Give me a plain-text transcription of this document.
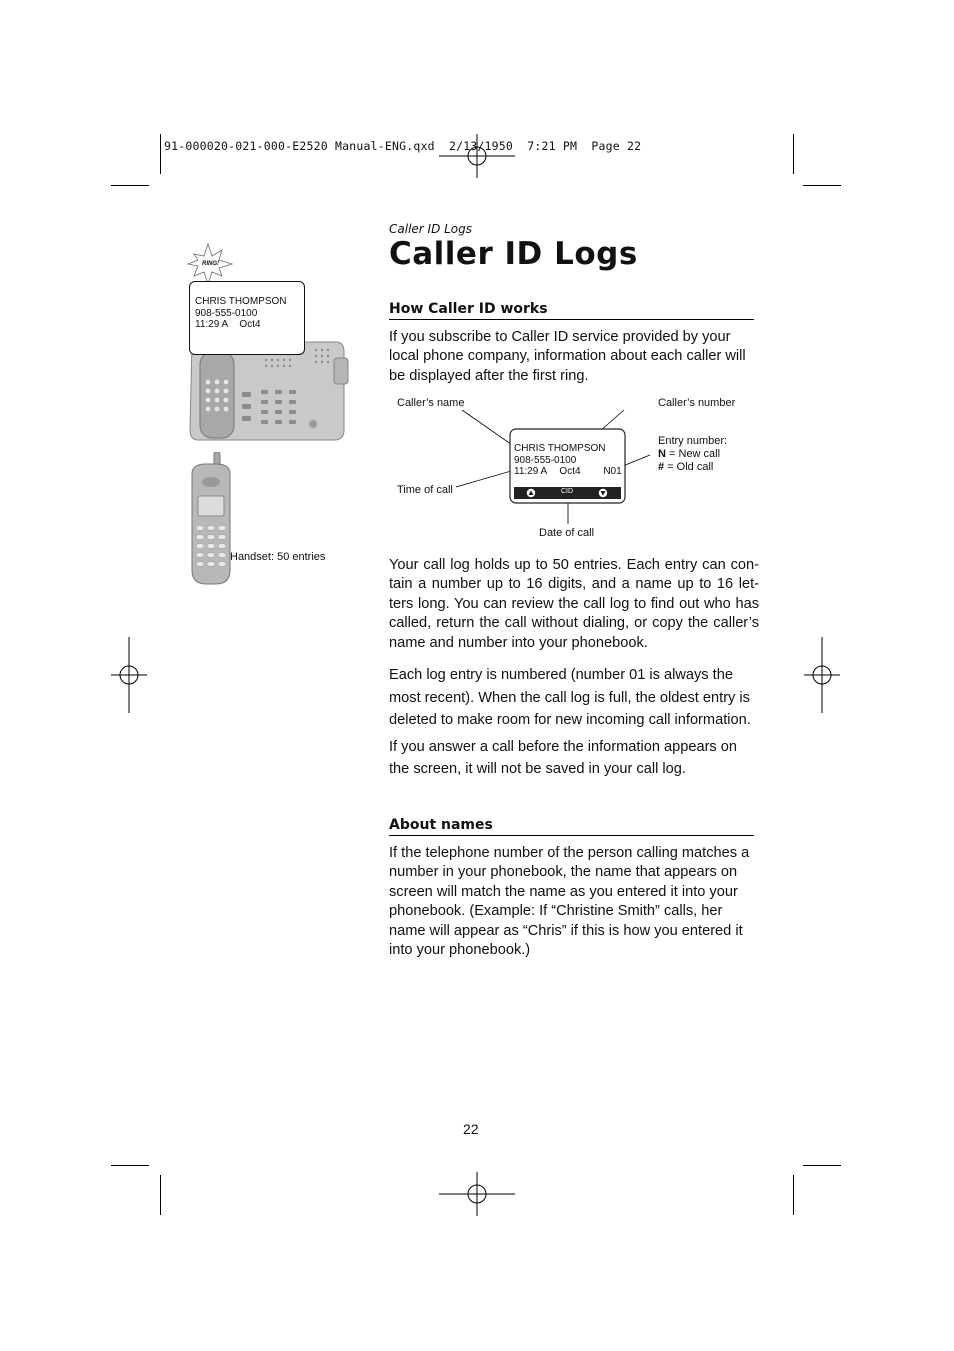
91-000020-021-000-E2520 Manual-ENG.qxd  2/13/1950  7:21 PM  Page 22
Caller ID Logs
Caller ID Logs
RING!
CHRIS THOMPSON
908-555-0100
11:29 A Oct4
Handset: 50 entries
How Caller ID works
If you subscribe to Caller ID service provided by your local phone company, information about each caller will be displayed after the first ring.
Caller’s name	Caller’s number
Entry number:
N = New call
# = Old call
Time of call
Date of call
CHRIS THOMPSON
908-555-0100
11:29 A Oct4 N01
CID
Your call log holds up to 50 entries. Each entry can con-tain a number up to 16 digits, and a name up to 16 let-ters long. You can review the call log to find out who has called, return the call without dialing, or copy the caller’s name and number into your phonebook.
Each log entry is numbered (number 01 is always the most recent). When the call log is full, the oldest entry is deleted to make room for new incoming call information.
If you answer a call before the information appears on the screen, it will not be saved in your call log.
About names
If the telephone number of the person calling matches a number in your phonebook, the name that appears on screen will match the name as you entered it into your phonebook. (Example: If “Christine Smith” calls, her name will appear as “Chris” if this is how you entered it into your phonebook.)
22
